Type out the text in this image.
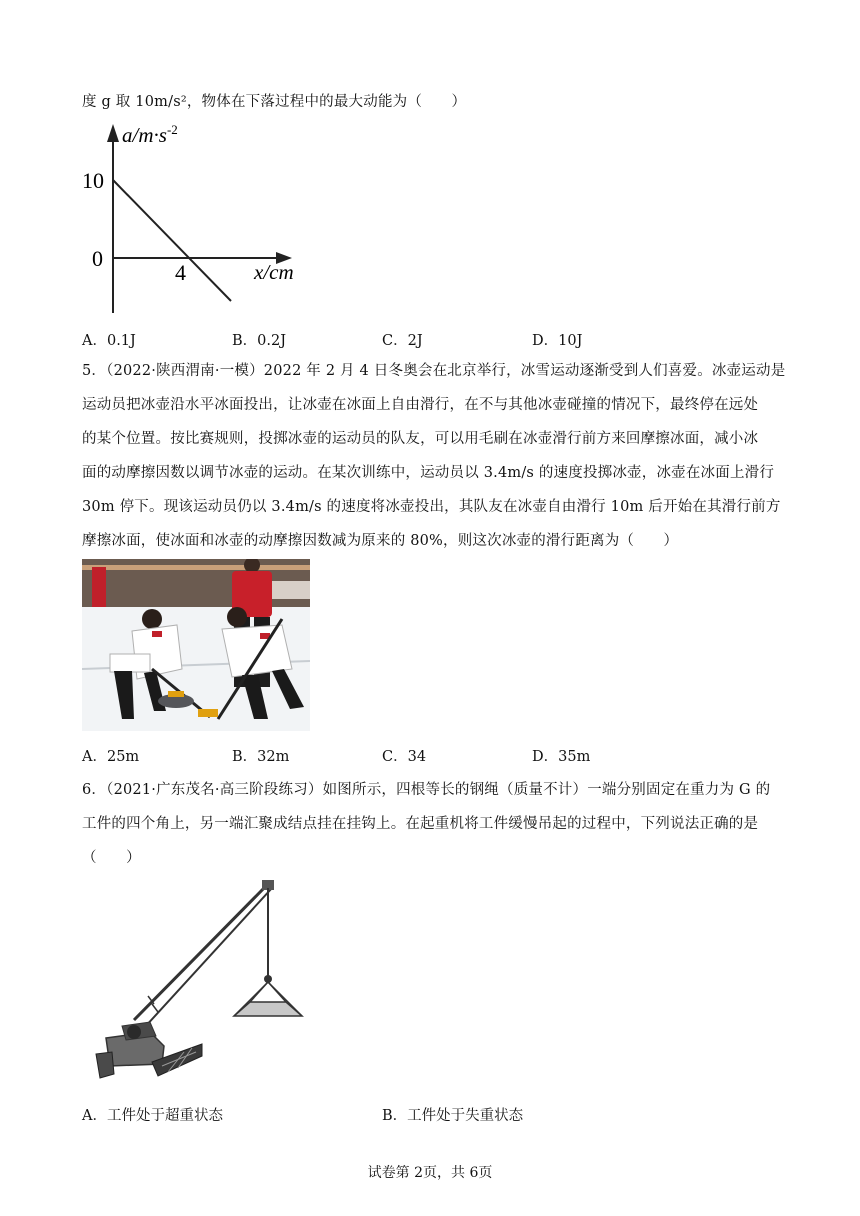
度 g 取 10m/s²，物体在下落过程中的最大动能为（　　）
$a/m\cdot s^{-2}$
10
0
4	x/cm
A．0.1J	B．0.2J	C．2J	D．10J
5．（2022·陕西渭南·一模）2022 年 2 月 4 日冬奥会在北京举行，冰雪运动逐渐受到人们喜爱。冰壶运动是
运动员把冰壶沿水平冰面投出，让冰壶在冰面上自由滑行，在不与其他冰壶碰撞的情况下，最终停在远处
的某个位置。按比赛规则，投掷冰壶的运动员的队友，可以用毛刷在冰壶滑行前方来回摩擦冰面，减小冰
面的动摩擦因数以调节冰壶的运动。在某次训练中，运动员以 3.4m/s 的速度投掷冰壶，冰壶在冰面上滑行
30m 停下。现该运动员仍以 3.4m/s 的速度将冰壶投出，其队友在冰壶自由滑行 10m 后开始在其滑行前方
摩擦冰面，使冰面和冰壶的动摩擦因数减为原来的 80%，则这次冰壶的滑行距离为（　　）
A．25m	B．32m	C．34	D．35m
6．（2021·广东茂名·高三阶段练习）如图所示，四根等长的钢绳（质量不计）一端分别固定在重力为 G 的
工件的四个角上，另一端汇聚成结点挂在挂钩上。在起重机将工件缓慢吊起的过程中，下列说法正确的是
（　　）
A．工件处于超重状态	B．工件处于失重状态
试卷第 2页，共 6页
